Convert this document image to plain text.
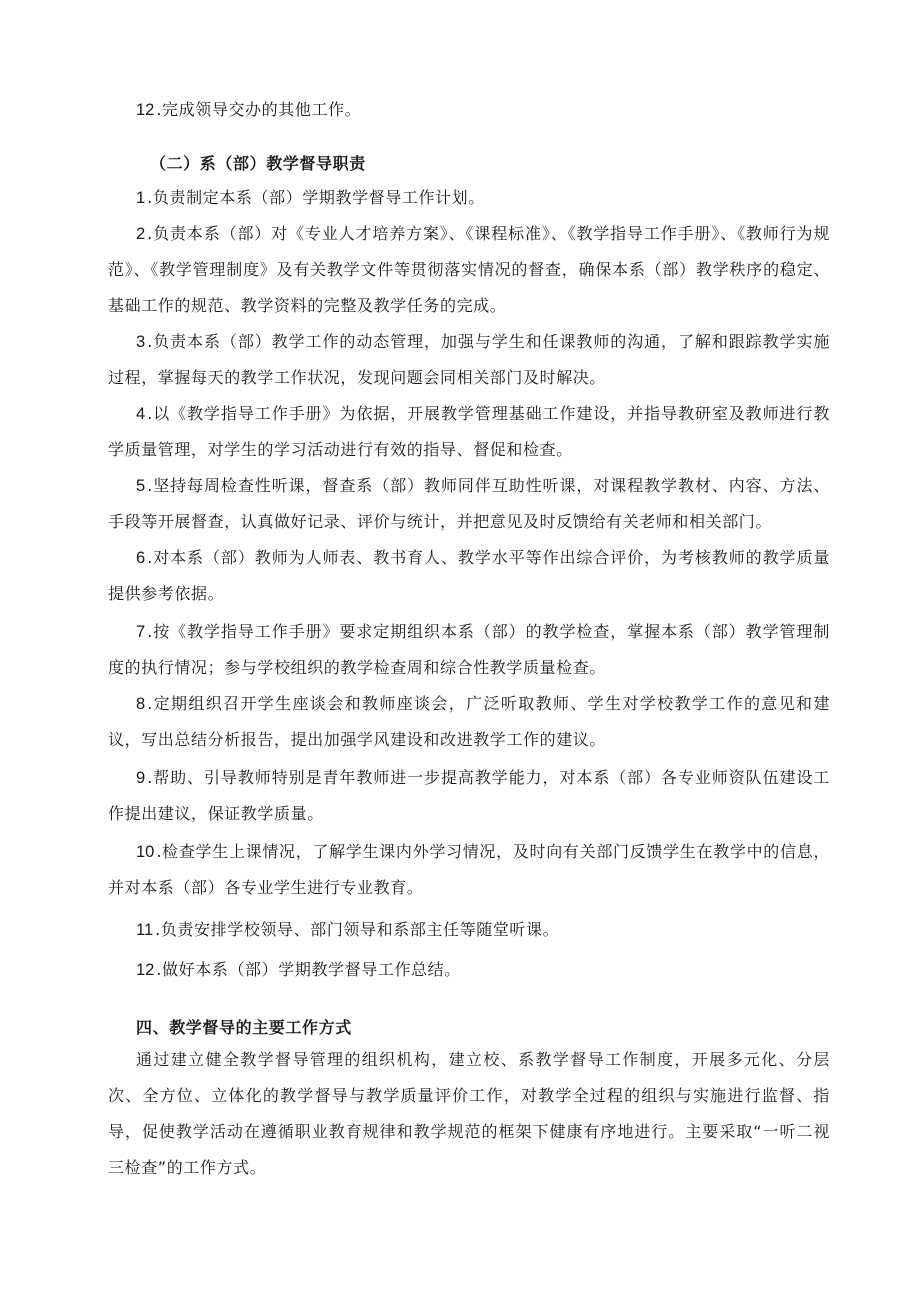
12 .完成领导交办的其他工作。

（二）系（部）教学督导职责

1 .负责制定本系（部）学期教学督导工作计划。

2 .负责本系（部）对《专业人才培养方案》、《课程标准》、《教学指导工作手册》、《教师行为规范》、《教学管理制度》及有关教学文件等贯彻落实情况的督查，确保本系（部）教学秩序的稳定、基础工作的规范、教学资料的完整及教学任务的完成。

3 .负责本系（部）教学工作的动态管理，加强与学生和任课教师的沟通，了解和跟踪教学实施过程，掌握每天的教学工作状况，发现问题会同相关部门及时解决。

4 .以《教学指导工作手册》为依据，开展教学管理基础工作建设，并指导教研室及教师进行教学质量管理，对学生的学习活动进行有效的指导、督促和检查。

5 .坚持每周检查性听课，督查系（部）教师同伴互助性听课，对课程教学教材、内容、方法、手段等开展督查，认真做好记录、评价与统计，并把意见及时反馈给有关老师和相关部门。

6 .对本系（部）教师为人师表、教书育人、教学水平等作出综合评价，为考核教师的教学质量提供参考依据。

7 .按《教学指导工作手册》要求定期组织本系（部）的教学检查，掌握本系（部）教学管理制度的执行情况；参与学校组织的教学检查周和综合性教学质量检查。

8 .定期组织召开学生座谈会和教师座谈会，广泛听取教师、学生对学校教学工作的意见和建议，写出总结分析报告，提出加强学风建设和改进教学工作的建议。

9 .帮助、引导教师特别是青年教师进一步提高教学能力，对本系（部）各专业师资队伍建设工作提出建议，保证教学质量。

10 .检查学生上课情况，了解学生课内外学习情况，及时向有关部门反馈学生在教学中的信息，并对本系（部）各专业学生进行专业教育。

11 .负责安排学校领导、部门领导和系部主任等随堂听课。

12 .做好本系（部）学期教学督导工作总结。

四、教学督导的主要工作方式

通过建立健全教学督导管理的组织机构，建立校、系教学督导工作制度，开展多元化、分层次、全方位、立体化的教学督导与教学质量评价工作，对教学全过程的组织与实施进行监督、指导，促使教学活动在遵循职业教育规律和教学规范的框架下健康有序地进行。主要采取“一听二视三检查”的工作方式。
